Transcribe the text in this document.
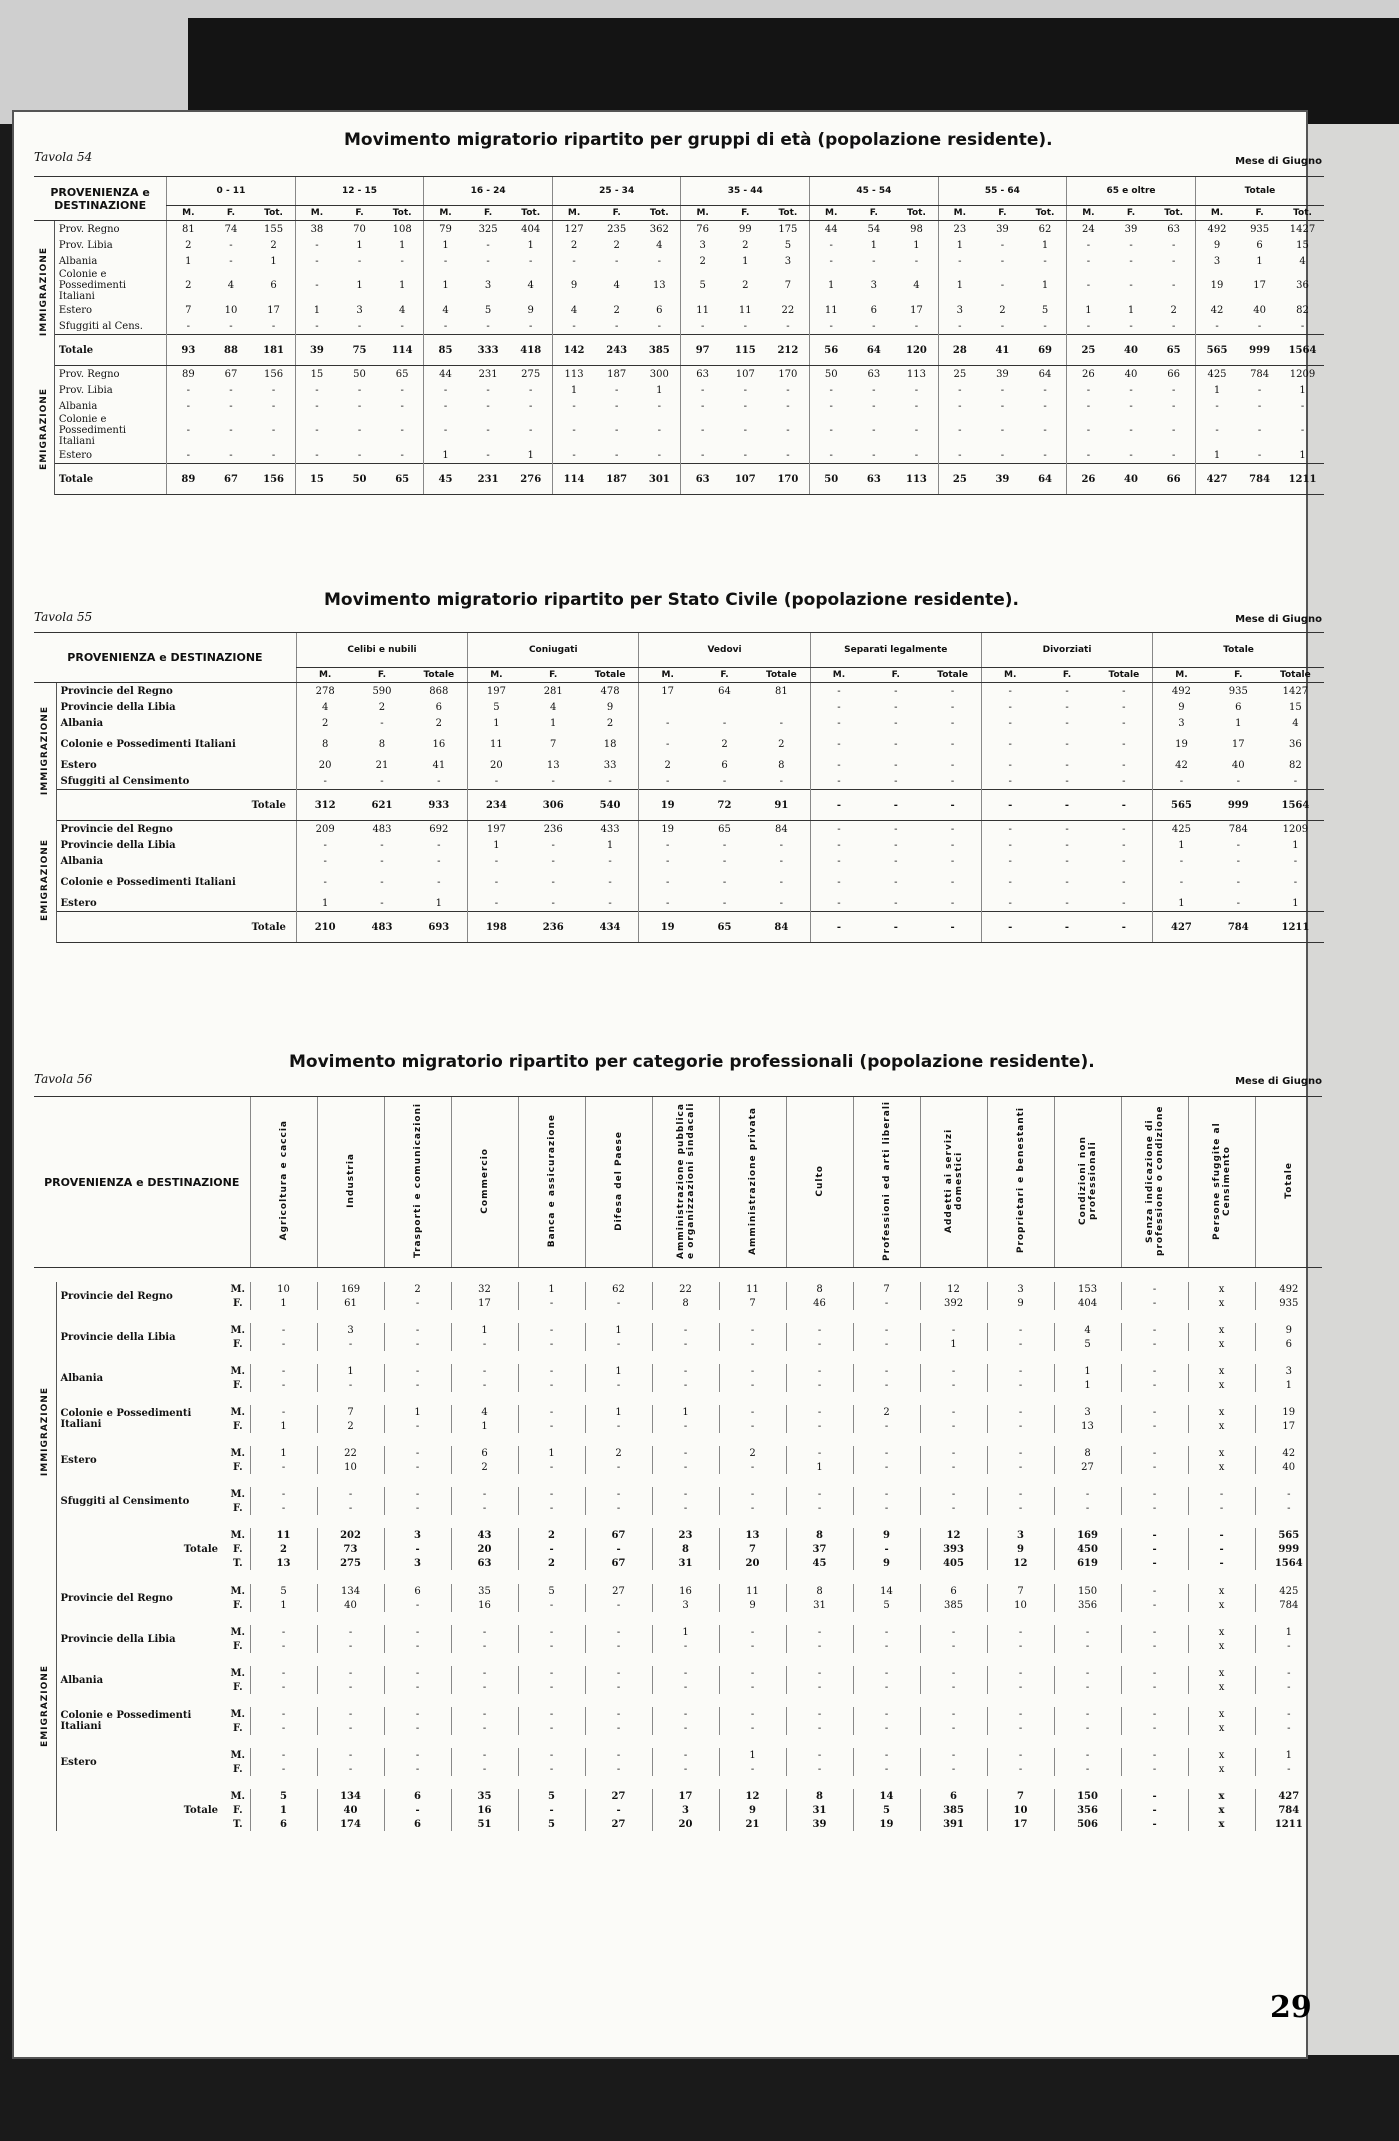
Tavola 54
Movimento migratorio ripartito per gruppi di età (popolazione residente).
Mese di Giugno
PROVENIENZA e DESTINAZIONE		0 - 11			12 - 15			16 - 24			25 - 34			35 - 44			45 - 54			55 - 64			65 e oltre			Totale		
		M.	F.	Tot.	M.	F.	Tot.	M.	F.	Tot.	M.	F.	Tot.	M.	F.	Tot.	M.	F.	Tot.	M.	F.	Tot.	M.	F.	Tot.	M.	F.	Tot.
IMMIGRAZIONE	Prov. Regno	81	74	155	38	70	108	79	325	404	127	235	362	76	99	175	44	54	98	23	39	62	24	39	63	492	935	1427
	Prov. Libia	2	-	2	-	1	1	1	-	1	2	2	4	3	2	5	-	1	1	1	-	1	-	-	-	9	6	15
	Albania	1	-	1	-	-	-	-	-	-	-	-	-	2	1	3	-	-	-	-	-	-	-	-	-	3	1	4
	Colonie e Possedimenti Italiani	2	4	6	-	1	1	1	3	4	9	4	13	5	2	7	1	3	4	1	-	1	-	-	-	19	17	36
	Estero	7	10	17	1	3	4	4	5	9	4	2	6	11	11	22	11	6	17	3	2	5	1	1	2	42	40	82
	Sfuggiti al Cens.	-	-	-	-	-	-	-	-	-	-	-	-	-	-	-	-	-	-	-	-	-	-	-	-	-	-	-
	Totale	93	88	181	39	75	114	85	333	418	142	243	385	97	115	212	56	64	120	28	41	69	25	40	65	565	999	1564
EMIGRAZIONE	Prov. Regno	89	67	156	15	50	65	44	231	275	113	187	300	63	107	170	50	63	113	25	39	64	26	40	66	425	784	1209
	Prov. Libia	-	-	-	-	-	-	-	-	-	1	-	1	-	-	-	-	-	-	-	-	-	-	-	-	1	-	1
	Albania	-	-	-	-	-	-	-	-	-	-	-	-	-	-	-	-	-	-	-	-	-	-	-	-	-	-	-
	Colonie e Possedimenti Italiani	-	-	-	-	-	-	-	-	-	-	-	-	-	-	-	-	-	-	-	-	-	-	-	-	-	-	-
	Estero	-	-	-	-	-	-	1	-	1	-	-	-	-	-	-	-	-	-	-	-	-	-	-	-	1	-	1
	Totale	89	67	156	15	50	65	45	231	276	114	187	301	63	107	170	50	63	113	25	39	64	26	40	66	427	784	1211
Tavola 55
Movimento migratorio ripartito per Stato Civile (popolazione residente).
Mese di Giugno
PROVENIENZA e DESTINAZIONE		Celibi e nubili			Coniugati			Vedovi			Separati legalmente			Divorziati			Totale		
		M.	F.	Totale	M.	F.	Totale	M.	F.	Totale	M.	F.	Totale	M.	F.	Totale	M.	F.	Totale
IMMIGRAZIONE	Provincie del Regno	278	590	868	197	281	478	17	64	81	-	-	-	-	-	-	492	935	1427
	Provincie della Libia	4	2	6	5	4	9				-	-	-	-	-	-	9	6	15
	Albania	2	-	2	1	1	2	-	-	-	-	-	-	-	-	-	3	1	4
	Colonie e Possedimenti Italiani	8	8	16	11	7	18	-	2	2	-	-	-	-	-	-	19	17	36
	Estero	20	21	41	20	13	33	2	6	8	-	-	-	-	-	-	42	40	82
	Sfuggiti al Censimento	-	-	-	-	-	-	-	-	-	-	-	-	-	-	-	-	-	-
	Totale	312	621	933	234	306	540	19	72	91	-	-	-	-	-	-	565	999	1564
EMIGRAZIONE	Provincie del Regno	209	483	692	197	236	433	19	65	84	-	-	-	-	-	-	425	784	1209
	Provincie della Libia	-	-	-	1	-	1	-	-	-	-	-	-	-	-	-	1	-	1
	Albania	-	-	-	-	-	-	-	-	-	-	-	-	-	-	-	-	-	-
	Colonie e Possedimenti Italiani	-	-	-	-	-	-	-	-	-	-	-	-	-	-	-	-	-	-
	Estero	1	-	1	-	-	-	-	-	-	-	-	-	-	-	-	1	-	1
	Totale	210	483	693	198	236	434	19	65	84	-	-	-	-	-	-	427	784	1211
Tavola 56
Movimento migratorio ripartito per categorie professionali (popolazione residente).
Mese di Giugno
PROVENIENZA e DESTINAZIONE			Agricoltura e caccia	Industria	Trasporti e comunicazioni	Commercio	Banca e assicurazione	Difesa del Paese	Amministrazione pubblica e organizzazioni sindacali	Amministrazione privata	Culto	Professioni ed arti liberali	Addetti ai servizi domestici	Proprietari e benestanti	Condizioni non professionali	Senza indicazione di professione o condizione	Persone sfuggite al Censimento	Totale

IMMIGRAZIONE	Provincie del Regno	M.	10	169	2	32	1	62	22	11	8	7	12	3	153	-	x	492
		F.	1	61	-	17	-	-	8	7	46	-	392	9	404	-	x	935

	Provincie della Libia	M.	-	3	-	1	-	1	-	-	-	-	-	-	4	-	x	9
		F.	-	-	-	-	-	-	-	-	-	-	1	-	5	-	x	6

	Albania	M.	-	1	-	-	-	1	-	-	-	-	-	-	1	-	x	3
		F.	-	-	-	-	-	-	-	-	-	-	-	-	1	-	x	1

	Colonie e Possedimenti Italiani	M.	-	7	1	4	-	1	1	-	-	2	-	-	3	-	x	19
		F.	1	2	-	1	-	-	-	-	-	-	-	-	13	-	x	17

	Estero	M.	1	22	-	6	1	2	-	2	-	-	-	-	8	-	x	42
		F.	-	10	-	2	-	-	-	-	1	-	-	-	27	-	x	40

	Sfuggiti al Censimento	M.	-	-	-	-	-	-	-	-	-	-	-	-	-	-	-	-
		F.	-	-	-	-	-	-	-	-	-	-	-	-	-	-	-	-

	Totale	M.	11	202	3	43	2	67	23	13	8	9	12	3	169	-	-	565
		F.	2	73	-	20	-	-	8	7	37	-	393	9	450	-	-	999
		T.	13	275	3	63	2	67	31	20	45	9	405	12	619	-	-	1564

EMIGRAZIONE	Provincie del Regno	M.	5	134	6	35	5	27	16	11	8	14	6	7	150	-	x	425
		F.	1	40	-	16	-	-	3	9	31	5	385	10	356	-	x	784

	Provincie della Libia	M.	-	-	-	-	-	-	1	-	-	-	-	-	-	-	x	1
		F.	-	-	-	-	-	-	-	-	-	-	-	-	-	-	x	-

	Albania	M.	-	-	-	-	-	-	-	-	-	-	-	-	-	-	x	-
		F.	-	-	-	-	-	-	-	-	-	-	-	-	-	-	x	-

	Colonie e Possedimenti Italiani	M.	-	-	-	-	-	-	-	-	-	-	-	-	-	-	x	-
		F.	-	-	-	-	-	-	-	-	-	-	-	-	-	-	x	-

	Estero	M.	-	-	-	-	-	-	-	1	-	-	-	-	-	-	x	1
		F.	-	-	-	-	-	-	-	-	-	-	-	-	-	-	x	-

	Totale	M.	5	134	6	35	5	27	17	12	8	14	6	7	150	-	x	427
		F.	1	40	-	16	-	-	3	9	31	5	385	10	356	-	x	784
		T.	6	174	6	51	5	27	20	21	39	19	391	17	506	-	x	1211
29
